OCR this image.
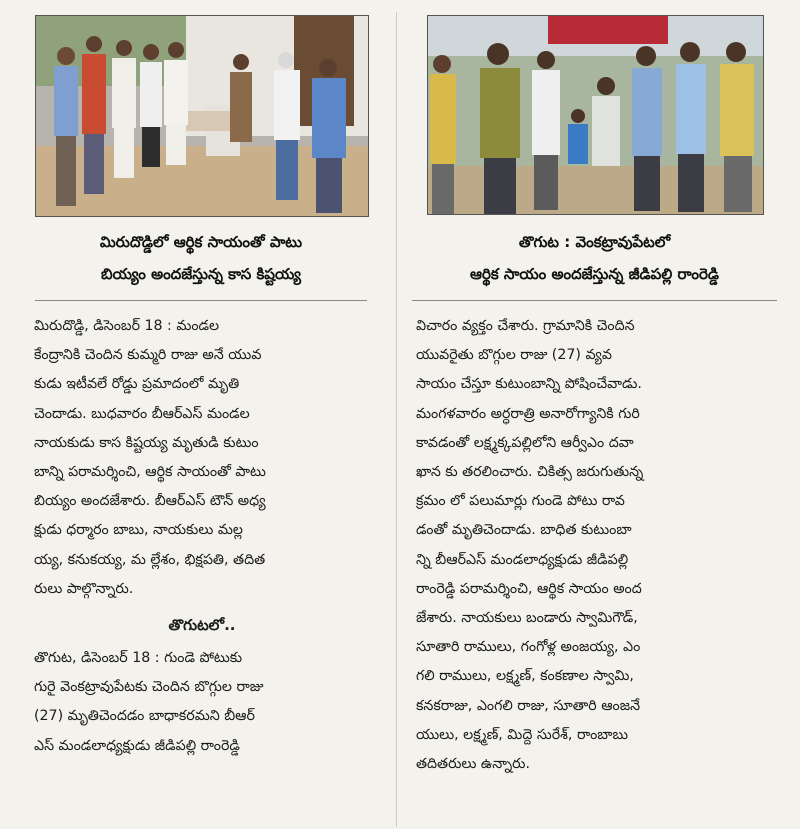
మిరుదొడ్డిలో ఆర్థిక సాయంతో పాటు
బియ్యం అందజేస్తున్న కాస కిష్టయ్య
తొగుట : వెంకట్రావుపేటలో
ఆర్థిక సాయం అందజేస్తున్న జీడిపల్లి రాంరెడ్డి
మిరుదొడ్డి, డిసెంబర్ 18 : మండల
కేంద్రానికి చెందిన కుమ్మరి రాజు అనే యువ
కుడు ఇటీవలే రోడ్డు ప్రమాదంలో మృతి
చెందాడు. బుధవారం బీఆర్‌ఎస్ మండల
నాయకుడు కాస కిష్టయ్య మృతుడి కుటుం
బాన్ని పరామర్శించి, ఆర్థిక సాయంతో పాటు
బియ్యం అందజేశారు. బీఆర్‌ఎస్ టౌన్ అధ్య
క్షుడు ధర్మారం బాబు, నాయకులు మల్ల
య్య, కనుకయ్య, మ ల్లేశం, భిక్షపతి, తదిత
రులు పాల్గొన్నారు.
తొగుటలో..
తొగుట, డిసెంబర్ 18 : గుండె పోటుకు
గురై వెంకట్రావుపేటకు చెందిన బొగ్గుల రాజు
(27) మృతిచెందడం బాధాకరమని బీఆర్
ఎస్ మండలాధ్యక్షుడు జీడిపల్లి రాంరెడ్డి
విచారం వ్యక్తం చేశారు. గ్రామానికి చెందిన
యువరైతు బొగ్గుల రాజు (27) వ్యవ
సాయం చేస్తూ కుటుంబాన్ని పోషించేవాడు.
మంగళవారం అర్ధరాత్రి అనారోగ్యానికి గురి
కావడంతో లక్ష్మక్కపల్లిలోని ఆర్వీఎం దవా
ఖాన కు తరలించారు. చికిత్స జరుగుతున్న
క్రమం లో పలుమార్లు గుండె పోటు రావ
డంతో మృతిచెందాడు. బాధిత కుటుంబా
న్ని బీఆర్‌ఎస్ మండలాధ్యక్షుడు జీడిపల్లి
రాంరెడ్డి పరామర్శించి, ఆర్థిక సాయం అంద
జేశారు. నాయకులు బండారు స్వామిగౌడ్,
సూతారి రాములు, గంగోళ్ల అంజయ్య, ఎం
గలి రాములు, లక్ష్మణ్, కంకణాల స్వామి,
కనకరాజు, ఎంగలి రాజు, సూతారి ఆంజనే
యులు, లక్ష్మణ్, మిద్దె సురేశ్, రాంబాబు
తదితరులు ఉన్నారు.
